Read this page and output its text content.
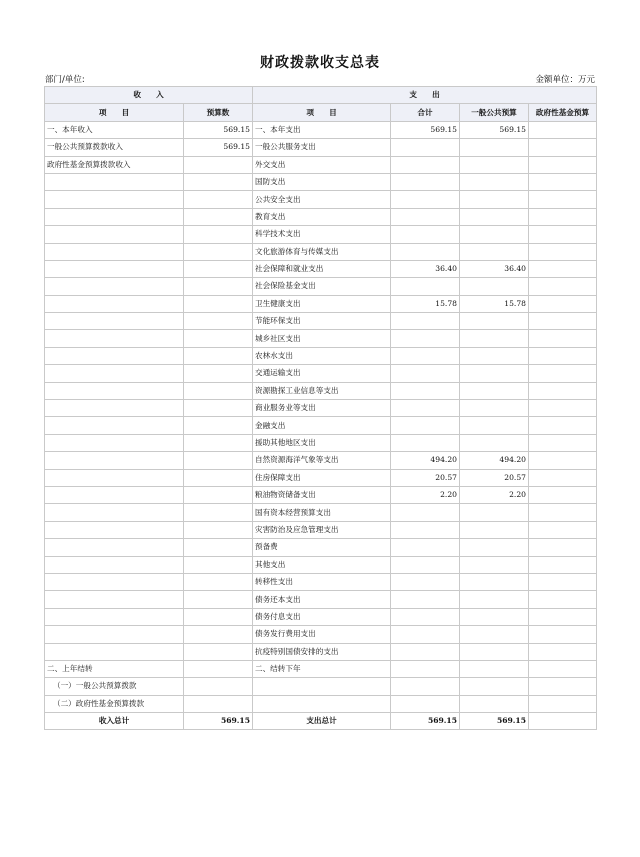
财政拨款收支总表
部门/单位:	金额单位：万元
收　　入		支　　出			
项　　目	预算数	项　　目	合计	一般公共预算	政府性基金预算
一、本年收入	569.15	一、本年支出	569.15	569.15	
一般公共预算拨款收入	569.15	一般公共服务支出			
政府性基金预算拨款收入		外交支出			
		国防支出			
		公共安全支出			
		教育支出			
		科学技术支出			
		文化旅游体育与传媒支出			
		社会保障和就业支出	36.40	36.40	
		社会保险基金支出			
		卫生健康支出	15.78	15.78	
		节能环保支出			
		城乡社区支出			
		农林水支出			
		交通运输支出			
		资源勘探工业信息等支出			
		商业服务业等支出			
		金融支出			
		援助其他地区支出			
		自然资源海洋气象等支出	494.20	494.20	
		住房保障支出	20.57	20.57	
		粮油物资储备支出	2.20	2.20	
		国有资本经营预算支出			
		灾害防治及应急管理支出			
		预备费			
		其他支出			
		转移性支出			
		债务还本支出			
		债务付息支出			
		债务发行费用支出			
		抗疫特别国债安排的支出			
二、上年结转		二、结转下年			
（一）一般公共预算拨款					
（二）政府性基金预算拨款					
收入总计	569.15	支出总计	569.15	569.15	
